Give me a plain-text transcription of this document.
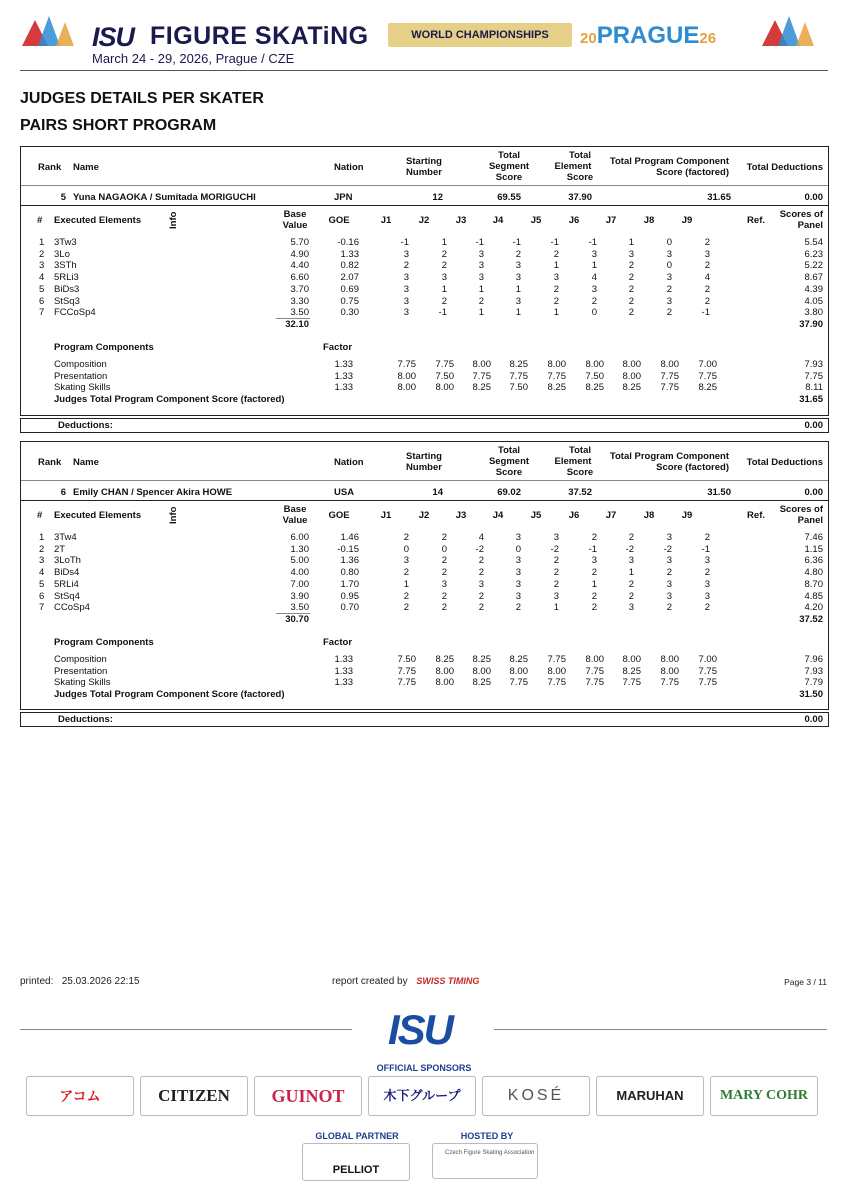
ISU FIGURE SKATiNG	WORLD CHAMPIONSHIPS	20PRAGUE26
March 24 - 29, 2026, Prague / CZE
JUDGES DETAILS PER SKATER
PAIRS SHORT PROGRAM
Rank Name	Nation
Starting
Number
Total
Segment
Score
Total
Element
Score
Total Program Component
Score (factored) Total Deductions
5 Yuna NAGAOKA / Sumitada MORIGUCHI	JPN	12	69.55	37.90	31.65	0.00
# Executed Elements	Info	Base
Value	GOE	J1	J2	J3	J4	J5	J6	J7	J8	J9	Ref.
Scores of
Panel
1 3Tw3	5.70	-0.16	-1	1	-1	-1	-1	-1	1	0	2	5.54
2 3Lo	4.90	1.33	3	2	3	2	2	3	3	3	3	6.23
3 3STh	4.40	0.82	2	2	3	3	1	1	2	0	2	5.22
4 5RLi3	6.60	2.07	3	3	3	3	3	4	2	3	4	8.67
5 BiDs3	3.70	0.69	3	1	1	1	2	3	2	2	2	4.39
6 StSq3	3.30	0.75	3	2	2	3	2	2	2	3	2	4.05
7 FCCoSp4	3.50	0.30	3	-1	1	1	1	0	2	2	-1	3.80
32.10	37.90
Program Components	Factor
Composition	1.33	7.75 7.75 8.00 8.25 8.00 8.00 8.00 8.00 7.00	7.93
Presentation	1.33	8.00 7.50 7.75 7.75 7.75 7.50 8.00 7.75 7.75	7.75
Skating Skills	1.33	8.00 8.00 8.25 7.50 8.25 8.25 8.25 7.75 8.25	8.11
Judges Total Program Component Score (factored)	31.65
Deductions:	0.00
Rank Name	Nation
Starting
Number
Total
Segment
Score
Total
Element
Score
Total Program Component
Score (factored) Total Deductions
6 Emily CHAN / Spencer Akira HOWE	USA	14	69.02	37.52	31.50	0.00
# Executed Elements	Info	Base
Value	GOE	J1	J2	J3	J4	J5	J6	J7	J8	J9	Ref.
Scores of
Panel
1 3Tw4	6.00	1.46	2	2	4	3	3	2	2	3	2	7.46
2 2T	1.30	-0.15	0	0	-2	0	-2	-1	-2	-2	-1	1.15
3 3LoTh	5.00	1.36	3	2	2	3	2	3	3	3	3	6.36
4 BiDs4	4.00	0.80	2	2	2	3	2	2	1	2	2	4.80
5 5RLi4	7.00	1.70	1	3	3	3	2	1	2	3	3	8.70
6 StSq4	3.90	0.95	2	2	2	3	3	2	2	3	3	4.85
7 CCoSp4	3.50	0.70	2	2	2	2	1	2	3	2	2	4.20
30.70	37.52
Program Components	Factor
Composition	1.33	7.50 8.25 8.25 8.25 7.75 8.00 8.00 8.00 7.00	7.96
Presentation	1.33	7.75 8.00 8.00 8.00 8.00 7.75 8.25 8.00 7.75	7.93
Skating Skills	1.33	7.75 8.00 8.25 7.75 7.75 7.75 7.75 7.75 7.75	7.79
Judges Total Program Component Score (factored)	31.50
Deductions:	0.00
printed: 25.03.2026 22:15	report created by SWISS TIMING	Page 3 / 11
ISU
OFFICIAL SPONSORS
アコム	CITIZEN	GUINOT	木下グループ	KOSÉ	MARUHAN	MARY COHR
GLOBAL PARTNER
PELLIOT
HOSTED BY
Czech Figure Skating Association
